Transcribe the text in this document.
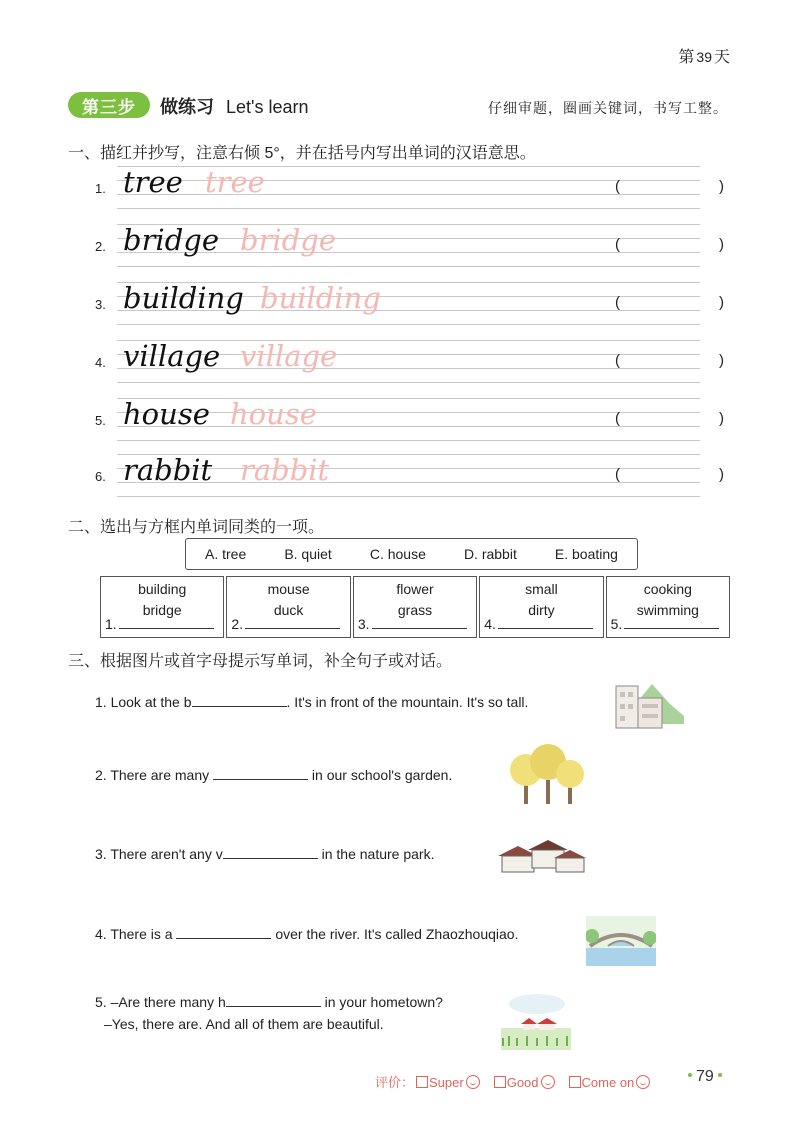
第 39 天
第三步	做练习 Let's learn	仔细审题，圈画关键词，书写工整。
一、描红并抄写，注意右倾 5°，并在括号内写出单词的汉语意思。
1. tree tree	(	)
2. bridge bridge	(	)
3. building building	(	)
4. village village	(	)
5. house house	(	)
6. rabbit rabbit	(	)
二、选出与方框内单词同类的一项。
A. tree	B. quiet	C. house	D. rabbit	E. boating
building
bridge
1.
mouse
duck
2.
flower
grass
3.
small
dirty
4.
cooking
swimming
5.
三、根据图片或首字母提示写单词，补全句子或对话。
1. Look at the b	. It's in front of the mountain. It's so tall.
2. There are many	in our school's garden.
3. There aren't any v	in the nature park.
4. There is a	over the river. It's called Zhaozhouqiao.
5. –Are there many h	in your hometown?
–Yes, there are. And all of them are beautiful.
评价： Super	Good	Come on	79
